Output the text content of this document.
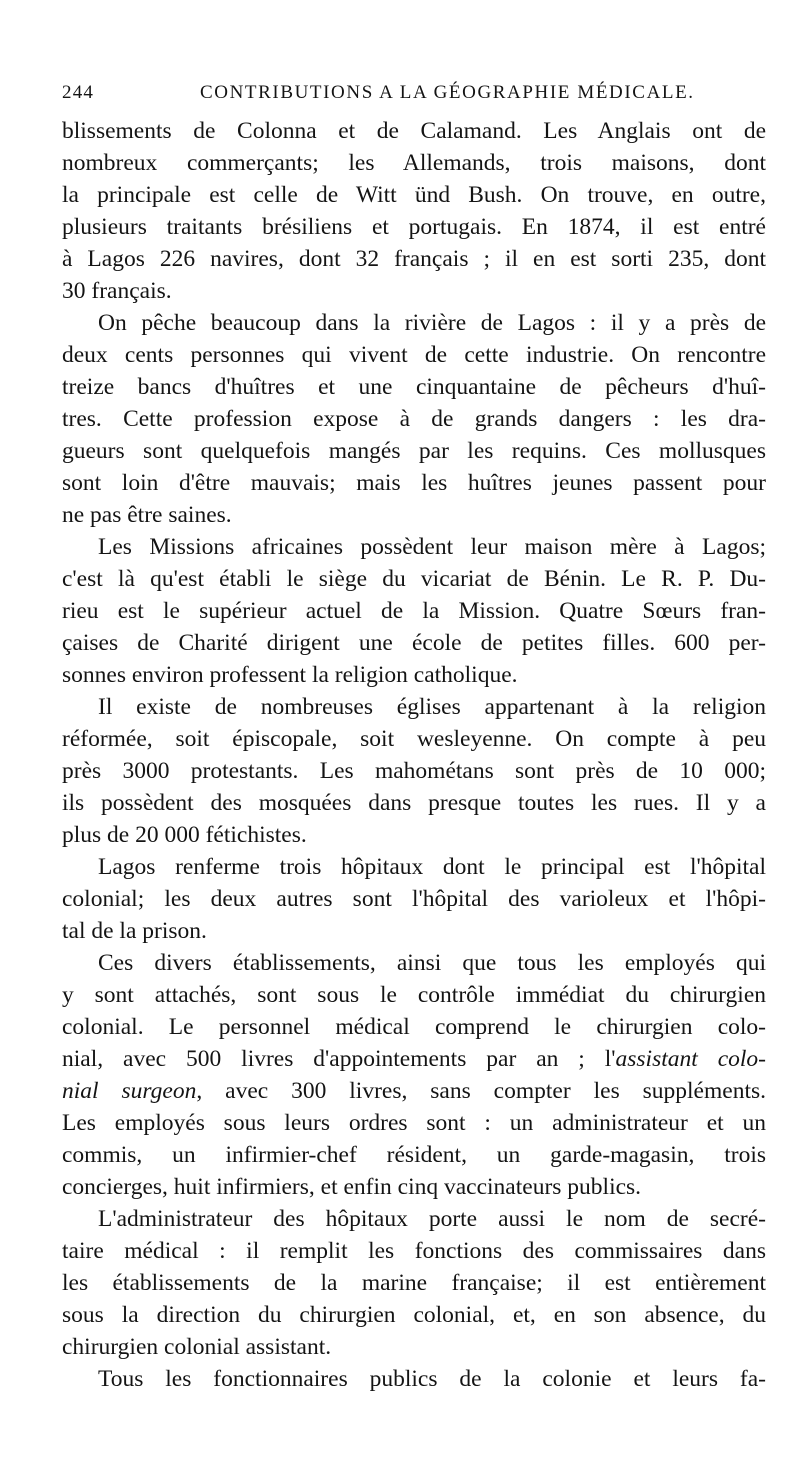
244	CONTRIBUTIONS A LA GÉOGRAPHIE MÉDICALE.
blissements de Colonna et de Calamand. Les Anglais ont de
nombreux commerçants; les Allemands, trois maisons, dont
la principale est celle de Witt ünd Bush. On trouve, en outre,
plusieurs traitants brésiliens et portugais. En 1874, il est entré
à Lagos 226 navires, dont 32 français ; il en est sorti 235, dont
30 français.
On pêche beaucoup dans la rivière de Lagos : il y a près de
deux cents personnes qui vivent de cette industrie. On rencontre
treize bancs d'huîtres et une cinquantaine de pêcheurs d'huî-
tres. Cette profession expose à de grands dangers : les dra-
gueurs sont quelquefois mangés par les requins. Ces mollusques
sont loin d'être mauvais; mais les huîtres jeunes passent pour
ne pas être saines.
Les Missions africaines possèdent leur maison mère à Lagos;
c'est là qu'est établi le siège du vicariat de Bénin. Le R. P. Du-
rieu est le supérieur actuel de la Mission. Quatre Sœurs fran-
çaises de Charité dirigent une école de petites filles. 600 per-
sonnes environ professent la religion catholique.
Il existe de nombreuses églises appartenant à la religion
réformée, soit épiscopale, soit wesleyenne. On compte à peu
près 3000 protestants. Les mahométans sont près de 10 000;
ils possèdent des mosquées dans presque toutes les rues. Il y a
plus de 20 000 fétichistes.
Lagos renferme trois hôpitaux dont le principal est l'hôpital
colonial; les deux autres sont l'hôpital des varioleux et l'hôpi-
tal de la prison.
Ces divers établissements, ainsi que tous les employés qui
y sont attachés, sont sous le contrôle immédiat du chirurgien
colonial. Le personnel médical comprend le chirurgien colo-
nial, avec 500 livres d'appointements par an ; l'assistant colo-
nial surgeon, avec 300 livres, sans compter les suppléments.
Les employés sous leurs ordres sont : un administrateur et un
commis, un infirmier-chef résident, un garde-magasin, trois
concierges, huit infirmiers, et enfin cinq vaccinateurs publics.
L'administrateur des hôpitaux porte aussi le nom de secré-
taire médical : il remplit les fonctions des commissaires dans
les établissements de la marine française; il est entièrement
sous la direction du chirurgien colonial, et, en son absence, du
chirurgien colonial assistant.
Tous les fonctionnaires publics de la colonie et leurs fa-
